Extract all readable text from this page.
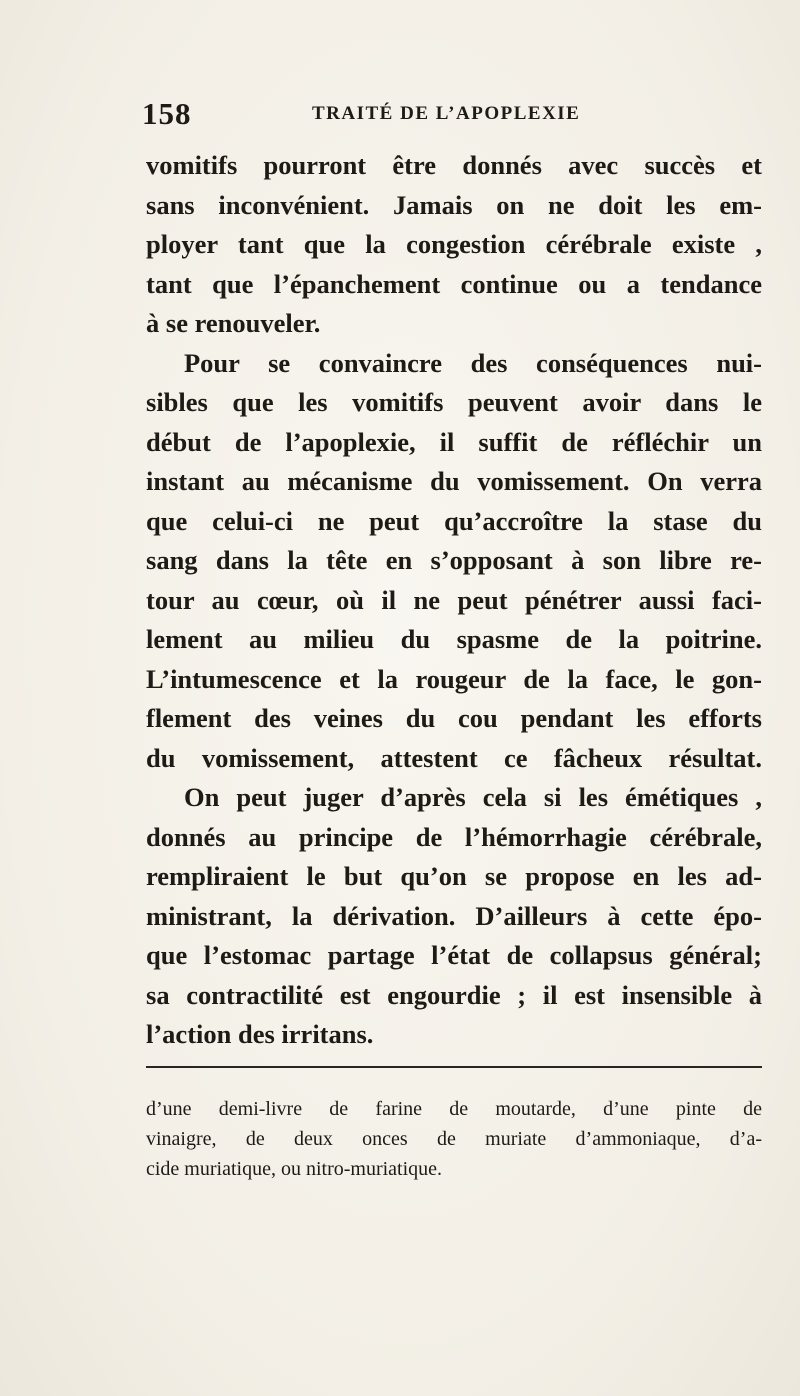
158	TRAITÉ DE L’APOPLEXIE
vomitifs pourront être donnés avec succès et
sans inconvénient. Jamais on ne doit les em-
ployer tant que la congestion cérébrale existe ,
tant que l’épanchement continue ou a tendance
à se renouveler.
Pour se convaincre des conséquences nui-
sibles que les vomitifs peuvent avoir dans le
début de l’apoplexie, il suffit de réfléchir un
instant au mécanisme du vomissement. On verra
que celui-ci ne peut qu’accroître la stase du
sang dans la tête en s’opposant à son libre re-
tour au cœur, où il ne peut pénétrer aussi faci-
lement au milieu du spasme de la poitrine.
L’intumescence et la rougeur de la face, le gon-
flement des veines du cou pendant les efforts
du vomissement, attestent ce fâcheux résultat.
On peut juger d’après cela si les émétiques ,
donnés au principe de l’hémorrhagie cérébrale,
rempliraient le but qu’on se propose en les ad-
ministrant, la dérivation. D’ailleurs à cette épo-
que l’estomac partage l’état de collapsus général;
sa contractilité est engourdie ; il est insensible à
l’action des irritans.
d’une demi-livre de farine de moutarde, d’une pinte de
vinaigre, de deux onces de muriate d’ammoniaque, d’a-
cide muriatique, ou nitro-muriatique.
